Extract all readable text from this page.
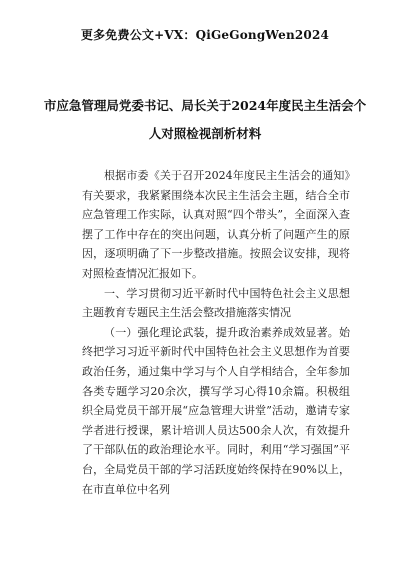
更多免费公文+VX：QiGeGongWen2024
市应急管理局党委书记、局长关于2024年度民主生活会个
人对照检视剖析材料

根据市委《关于召开2024年度民主生活会的通知》有关要求，我紧紧围绕本次民主生活会主题，结合全市应急管理工作实际，认真对照“四个带头”，全面深入查摆了工作中存在的突出问题，认真分析了问题产生的原因，逐项明确了下一步整改措施。按照会议安排，现将对照检查情况汇报如下。

一、学习贯彻习近平新时代中国特色社会主义思想主题教育专题民主生活会整改措施落实情况

（一）强化理论武装，提升政治素养成效显著。始终把学习习近平新时代中国特色社会主义思想作为首要政治任务，通过集中学习与个人自学相结合，全年参加各类专题学习20余次，撰写学习心得10余篇。积极组织全局党员干部开展“应急管理大讲堂”活动，邀请专家学者进行授课，累计培训人员达500余人次，有效提升了干部队伍的政治理论水平。同时，利用“学习强国”平台，全局党员干部的学习活跃度始终保持在90%以上，在市直单位中名列
